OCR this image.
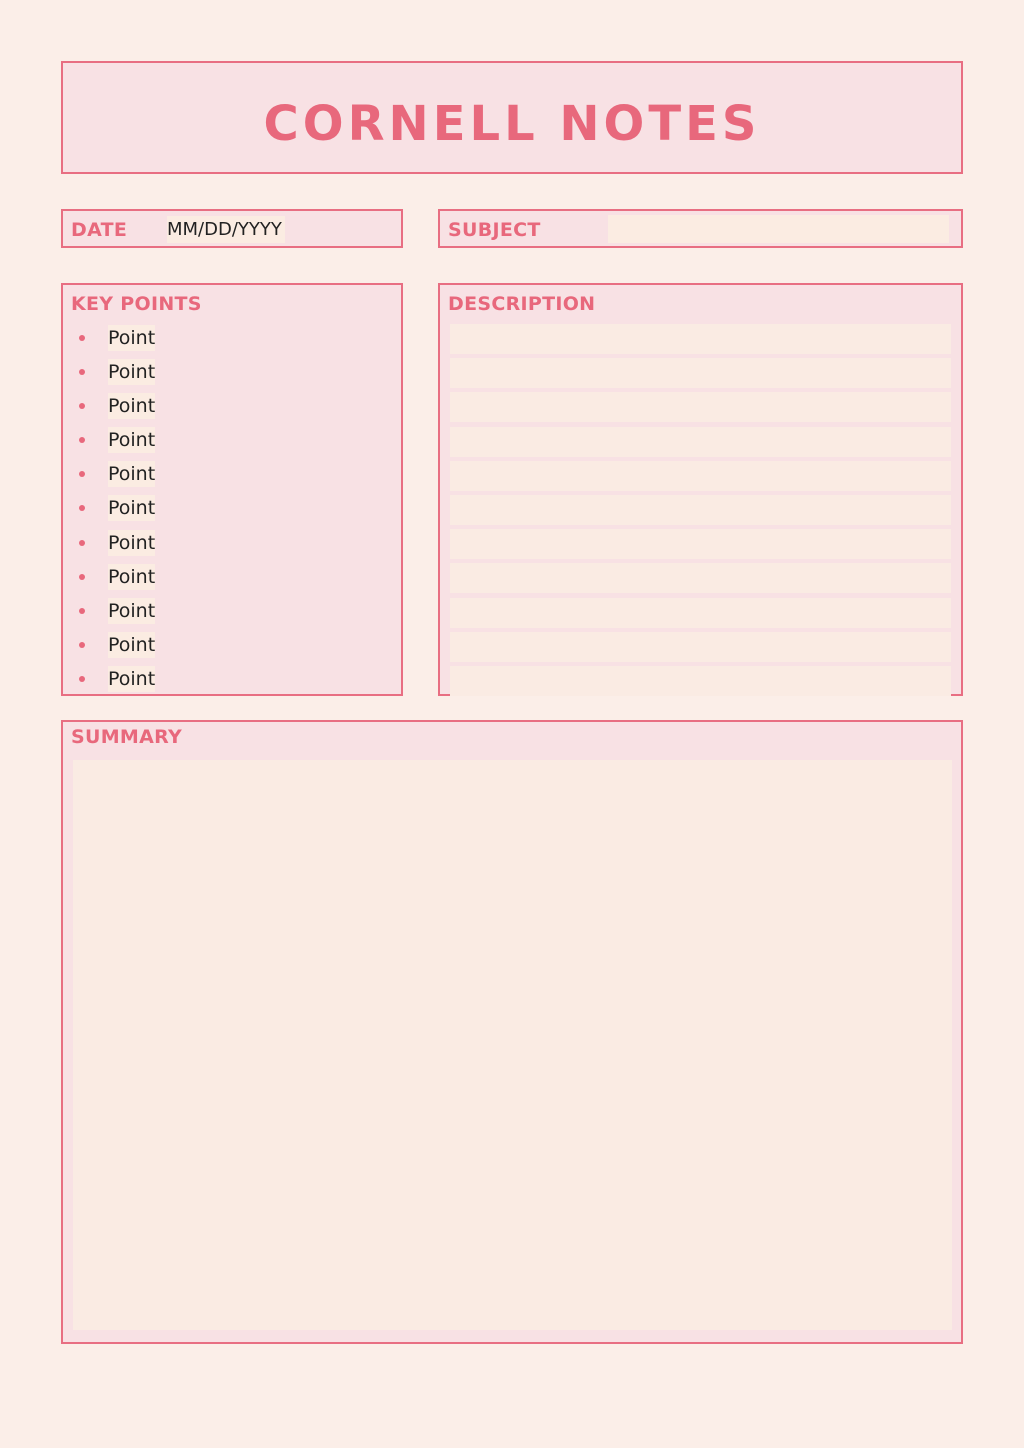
CORNELL NOTES
DATE MM/DD/YYYY	SUBJECT
KEY POINTS
Point
Point
Point
Point
Point
Point
Point
Point
Point
Point
Point
DESCRIPTION
SUMMARY
